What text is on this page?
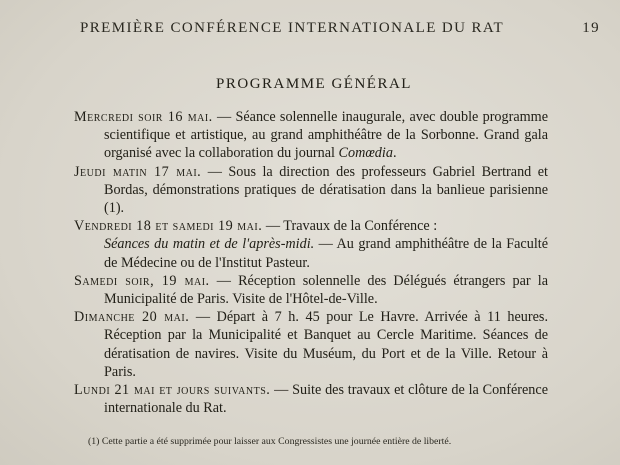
PREMIÈRE CONFÉRENCE INTERNATIONALE DU RAT	19
PROGRAMME GÉNÉRAL

Mercredi soir 16 mai. — Séance solennelle inaugurale, avec double programme scientifique et artistique, au grand amphithéâtre de la Sorbonne. Grand gala organisé avec la collaboration du journal Comœdia.

Jeudi matin 17 mai. — Sous la direction des professeurs Gabriel Bertrand et Bordas, démonstrations pratiques de dératisation dans la banlieue parisienne (1).

Vendredi 18 et samedi 19 mai. — Travaux de la Conférence :
Séances du matin et de l'après-midi. — Au grand amphithéâtre de la Faculté de Médecine ou de l'Institut Pasteur.

Samedi soir, 19 mai. — Réception solennelle des Délégués étrangers par la Municipalité de Paris. Visite de l'Hôtel-de-Ville.

Dimanche 20 mai. — Départ à 7 h. 45 pour Le Havre. Arrivée à 11 heures. Réception par la Municipalité et Banquet au Cercle Maritime. Séances de dératisation de navires. Visite du Muséum, du Port et de la Ville. Retour à Paris.

Lundi 21 mai et jours suivants. — Suite des travaux et clôture de la Conférence internationale du Rat.

(1) Cette partie a été supprimée pour laisser aux Congressistes une journée entière de liberté.
